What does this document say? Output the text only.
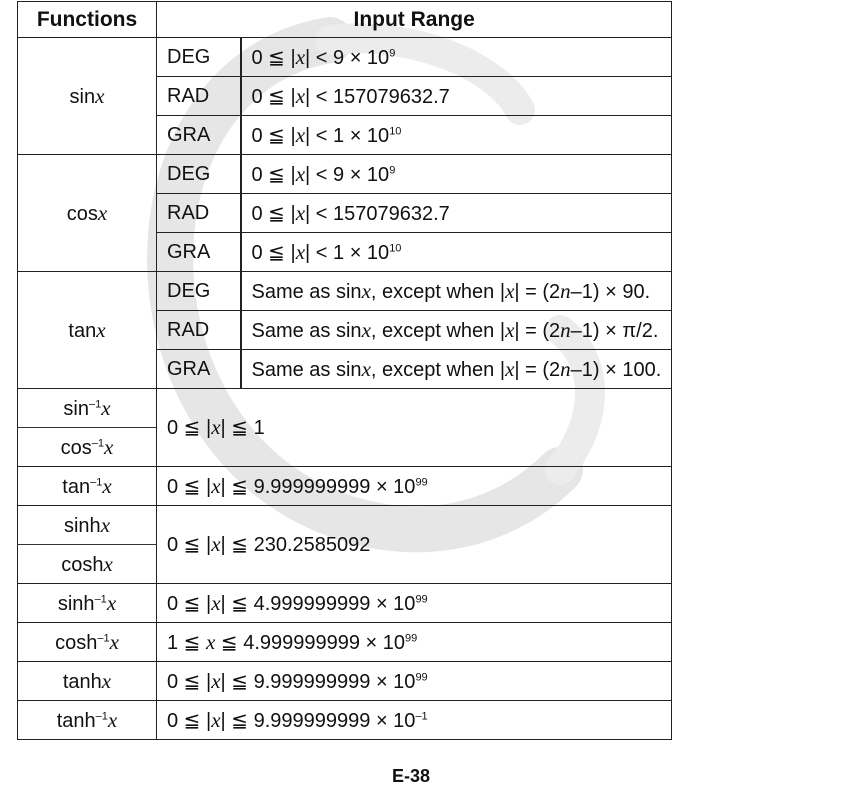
Functions	Input Range	
sinx	DEG	0 ≦ $|x| < 9 \times 10^9$
	RAD	0 ≦ |x| < 157079632.7
	GRA	0 ≦ $|x| < 1 \times 10^{10}$
cosx	DEG	0 ≦ $|x| < 9 \times 10^9$
	RAD	0 ≦ |x| < 157079632.7
	GRA	0 ≦ $|x| < 1 \times 10^{10}$
tanx	DEG	Same as sinx, except when |x| = (2n–1) × 90.
	RAD	Same as sinx, except when |x| = (2n–1) × π/2.
	GRA	Same as sinx, except when |x| = (2n–1) × 100.
$\sin^{-1}x$	0 ≦ |x| ≦ 1	
$\cos^{-1}x$		
$\tan^{-1}x$	0 ≦ |x| ≦ $9.999999999 \times 10^{99}$
sinhx	0 ≦ |x| ≦ 230.2585092	
coshx		
$\sinh^{-1}x$	0 ≦ |x| ≦ $4.999999999 \times 10^{99}$
$\cosh^{-1}x$	1 ≦ x ≦ $4.999999999 \times 10^{99}$
tanhx	0 ≦ |x| ≦ $9.999999999 \times 10^{99}$
$\tanh^{-1}x$	0 ≦ |x| ≦ $9.999999999 \times 10^{-1}$
E-38
